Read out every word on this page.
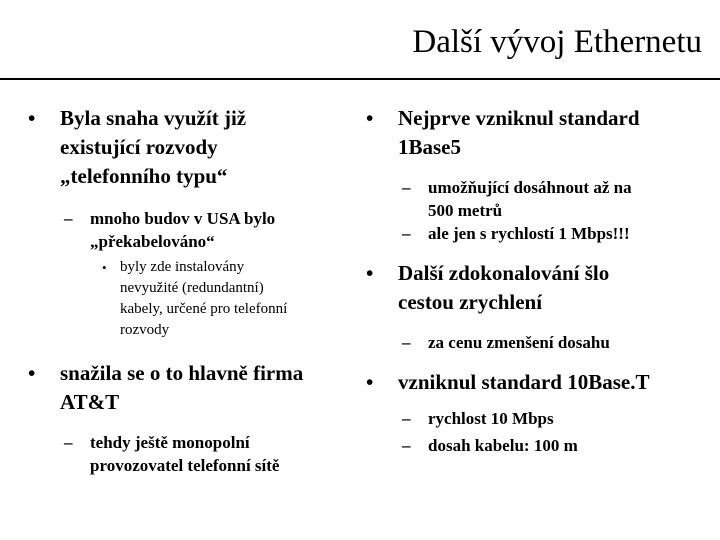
Další vývoj Ethernetu
• Byla snaha využít již
existující rozvody
„telefonního typu“
– mnoho budov v USA bylo
„překabelováno“
• byly zde instalovány
nevyužité (redundantní)
kabely, určené pro telefonní
rozvody
• snažila se o to hlavně firma
AT&T
– tehdy ještě monopolní
provozovatel telefonní sítě
• Nejprve vzniknul standard
1Base5
– umožňující dosáhnout až na
500 metrů
– ale jen s rychlostí 1 Mbps!!!
• Další zdokonalování šlo
cestou zrychlení
– za cenu zmenšení dosahu
• vzniknul standard 10Base.T
– rychlost 10 Mbps
– dosah kabelu: 100 m
